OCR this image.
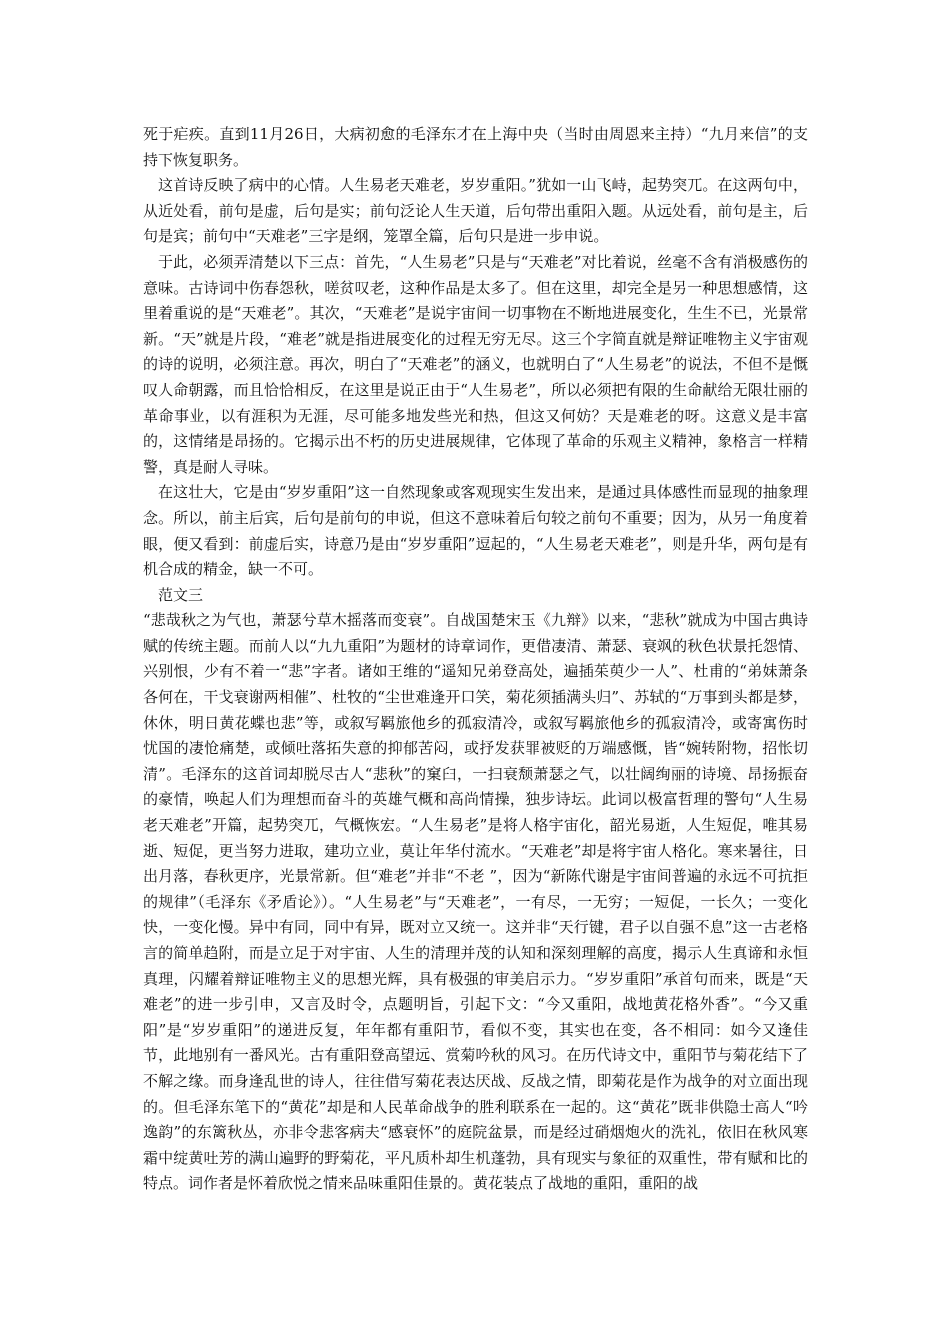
死于疟疾。直到11月26日，大病初愈的毛泽东才在上海中央（当时由周恩来主持）“九月来信”的支持下恢复职务。

这首诗反映了病中的心情。人生易老天难老，岁岁重阳。”犹如一山飞峙，起势突兀。在这两句中，从近处看，前句是虚，后句是实；前句泛论人生天道，后句带出重阳入题。从远处看，前句是主，后句是宾；前句中“天难老”三字是纲，笼罩全篇，后句只是进一步申说。

于此，必须弄清楚以下三点：首先，“人生易老”只是与“天难老”对比着说，丝毫不含有消极感伤的意味。古诗词中伤春怨秋，嗟贫叹老，这种作品是太多了。但在这里，却完全是另一种思想感情，这里着重说的是“天难老”。其次，“天难老”是说宇宙间一切事物在不断地进展变化，生生不已，光景常新。“天”就是片段，“难老”就是指进展变化的过程无穷无尽。这三个字简直就是辩证唯物主义宇宙观的诗的说明，必须注意。再次，明白了“天难老”的涵义，也就明白了“人生易老”的说法，不但不是慨叹人命朝露，而且恰恰相反，在这里是说正由于“人生易老”，所以必须把有限的生命献给无限壮丽的革命事业，以有涯积为无涯，尽可能多地发些光和热，但这又何妨？天是难老的呀。这意义是丰富的，这情绪是昂扬的。它揭示出不朽的历史进展规律，它体现了革命的乐观主义精神，象格言一样精警，真是耐人寻味。

在这壮大，它是由“岁岁重阳”这一自然现象或客观现实生发出来，是通过具体感性而显现的抽象理念。所以，前主后宾，后句是前句的申说，但这不意味着后句较之前句不重要；因为，从另一角度着眼，便又看到：前虚后实，诗意乃是由“岁岁重阳”逗起的，“人生易老天难老”，则是升华，两句是有机合成的精金，缺一不可。

范文三

“悲哉秋之为气也，萧瑟兮草木摇落而变衰”。自战国楚宋玉《九辩》以来，“悲秋”就成为中国古典诗赋的传统主题。而前人以“九九重阳”为题材的诗章词作，更借凄清、萧瑟、衰飒的秋色状景托怨情、兴别恨，少有不着一“悲”字者。诸如王维的“遥知兄弟登高处，遍插茱萸少一人”、杜甫的“弟妹萧条各何在，干戈衰谢两相催”、杜牧的“尘世难逢开口笑，菊花须插满头归”、苏轼的“万事到头都是梦，休休，明日黄花蝶也悲”等，或叙写羁旅他乡的孤寂清冷，或叙写羁旅他乡的孤寂清冷，或寄寓伤时忧国的凄怆痛楚，或倾吐落拓失意的抑郁苦闷，或抒发获罪被贬的万端感慨，皆“婉转附物，招怅切清”。毛泽东的这首词却脱尽古人“悲秋”的窠臼，一扫衰颓萧瑟之气，以壮阔绚丽的诗境、昂扬振奋的豪情，唤起人们为理想而奋斗的英雄气概和高尚情操，独步诗坛。此词以极富哲理的警句“人生易老天难老”开篇，起势突兀，气概恢宏。“人生易老”是将人格宇宙化，韶光易逝，人生短促，唯其易逝、短促，更当努力进取，建功立业，莫让年华付流水。“天难老”却是将宇宙人格化。寒来暑往，日出月落，春秋更序，光景常新。但“难老”并非“不老 ”，因为“新陈代谢是宇宙间普遍的永远不可抗拒的规律”（毛泽东《矛盾论》）。“人生易老”与“天难老”，一有尽，一无穷；一短促，一长久；一变化快，一变化慢。异中有同，同中有异，既对立又统一。这并非“天行键，君子以自强不息”这一古老格言的简单趋附，而是立足于对宇宙、人生的清理并茂的认知和深刻理解的高度，揭示人生真谛和永恒真理，闪耀着辩证唯物主义的思想光辉，具有极强的审美启示力。“岁岁重阳”承首句而来，既是“天难老”的进一步引申，又言及时令，点题明旨，引起下文：“今又重阳，战地黄花格外香”。“今又重阳”是“岁岁重阳”的递进反复，年年都有重阳节，看似不变，其实也在变，各不相同：如今又逢佳节，此地别有一番风光。古有重阳登高望远、赏菊吟秋的风习。在历代诗文中，重阳节与菊花结下了不解之缘。而身逢乱世的诗人，往往借写菊花表达厌战、反战之情，即菊花是作为战争的对立面出现的。但毛泽东笔下的“黄花”却是和人民革命战争的胜利联系在一起的。这“黄花”既非供隐士高人“吟逸韵”的东篱秋丛，亦非令悲客病夫“感衰怀”的庭院盆景，而是经过硝烟炮火的洗礼，依旧在秋风寒霜中绽黄吐芳的满山遍野的野菊花，平凡质朴却生机蓬勃，具有现实与象征的双重性，带有赋和比的特点。词作者是怀着欣悦之情来品味重阳佳景的。黄花装点了战地的重阳，重阳的战
